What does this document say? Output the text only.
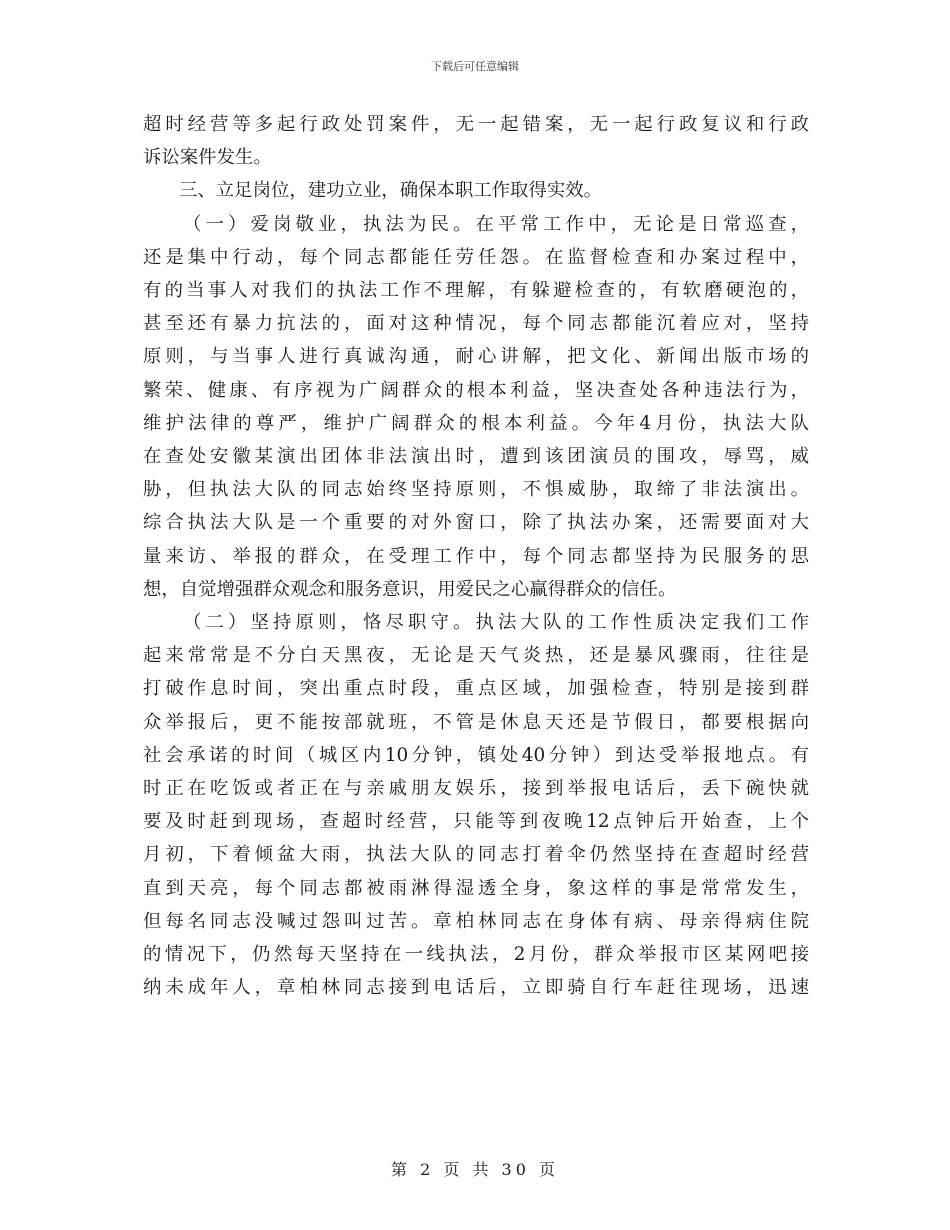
下载后可任意编辑
超时经营等多起行政处罚案件，无一起错案，无一起行政复议和行政
诉讼案件发生。
三、立足岗位，建功立业，确保本职工作取得实效。
（一）爱岗敬业，执法为民。在平常工作中，无论是日常巡查，
还是集中行动，每个同志都能任劳任怨。在监督检查和办案过程中，
有的当事人对我们的执法工作不理解，有躲避检查的，有软磨硬泡的，
甚至还有暴力抗法的，面对这种情况，每个同志都能沉着应对，坚持
原则，与当事人进行真诚沟通，耐心讲解，把文化、新闻出版市场的
繁荣、健康、有序视为广阔群众的根本利益，坚决查处各种违法行为，
维护法律的尊严，维护广阔群众的根本利益。今年4月份，执法大队
在查处安徽某演出团体非法演出时，遭到该团演员的围攻，辱骂，威
胁，但执法大队的同志始终坚持原则，不惧威胁，取缔了非法演出。
综合执法大队是一个重要的对外窗口，除了执法办案，还需要面对大
量来访、举报的群众，在受理工作中，每个同志都坚持为民服务的思
想，自觉增强群众观念和服务意识，用爱民之心赢得群众的信任。
（二）坚持原则，恪尽职守。执法大队的工作性质决定我们工作
起来常常是不分白天黑夜，无论是天气炎热，还是暴风骤雨，往往是
打破作息时间，突出重点时段，重点区域，加强检查，特别是接到群
众举报后，更不能按部就班，不管是休息天还是节假日，都要根据向
社会承诺的时间（城区内10分钟，镇处40分钟）到达受举报地点。有
时正在吃饭或者正在与亲戚朋友娱乐，接到举报电话后，丢下碗快就
要及时赶到现场，查超时经营，只能等到夜晚12点钟后开始查，上个
月初，下着倾盆大雨，执法大队的同志打着伞仍然坚持在查超时经营
直到天亮，每个同志都被雨淋得湿透全身，象这样的事是常常发生，
但每名同志没喊过怨叫过苦。章柏林同志在身体有病、母亲得病住院
的情况下，仍然每天坚持在一线执法，2月份，群众举报市区某网吧接
纳未成年人，章柏林同志接到电话后，立即骑自行车赶往现场，迅速
第 2 页 共 30 页
